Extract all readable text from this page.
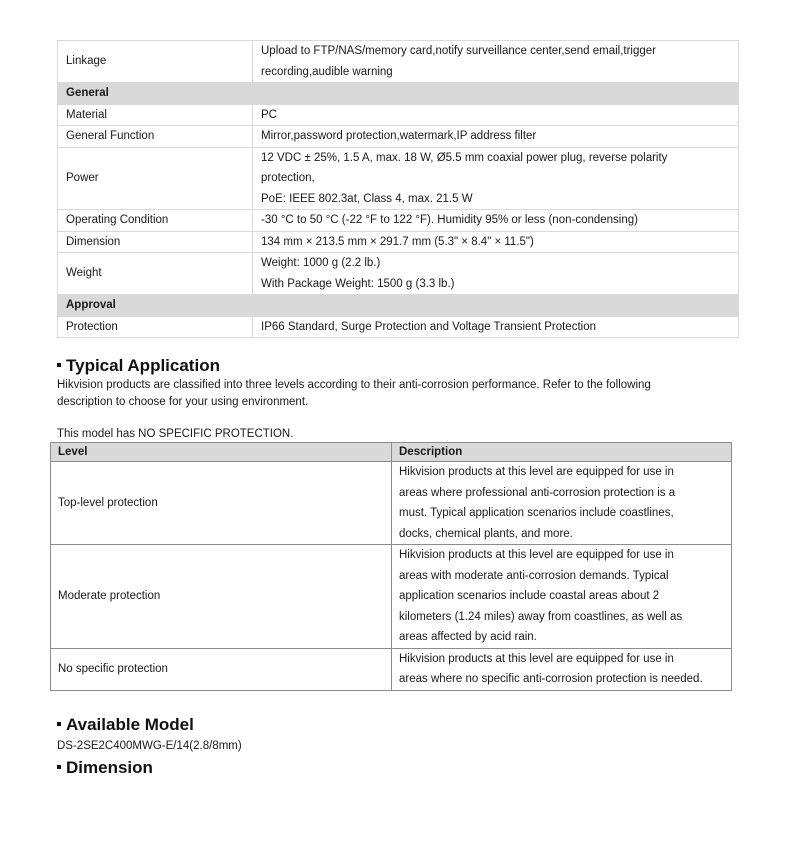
Linkage	Upload to FTP/NAS/memory card,notify surveillance center,send email,trigger
recording,audible warning
General	
Material	PC
General Function	Mirror,password protection,watermark,IP address filter
Power	12 VDC ± 25%, 1.5 A, max. 18 W, Ø5.5 mm coaxial power plug, reverse polarity
protection,
PoE: IEEE 802.3at, Class 4, max. 21.5 W
Operating Condition	-30 °C to 50 °C (-22 °F to 122 °F). Humidity 95% or less (non-condensing)
Dimension	134 mm × 213.5 mm × 291.7 mm (5.3" × 8.4" × 11.5")
Weight	Weight: 1000 g (2.2 lb.)
With Package Weight: 1500 g (3.3 lb.)
Approval	
Protection	IP66 Standard, Surge Protection and Voltage Transient Protection
Typical Application
Hikvision products are classified into three levels according to their anti-corrosion performance. Refer to the following
description to choose for your using environment.
This model has NO SPECIFIC PROTECTION.
Level	Description
Top-level protection	Hikvision products at this level are equipped for use in
areas where professional anti-corrosion protection is a
must. Typical application scenarios include coastlines,
docks, chemical plants, and more.
Moderate protection	Hikvision products at this level are equipped for use in
areas with moderate anti-corrosion demands. Typical
application scenarios include coastal areas about 2
kilometers (1.24 miles) away from coastlines, as well as
areas affected by acid rain.
No specific protection	Hikvision products at this level are equipped for use in
areas where no specific anti-corrosion protection is needed.
Available Model
DS-2SE2C400MWG-E/14(2.8/8mm)
Dimension
